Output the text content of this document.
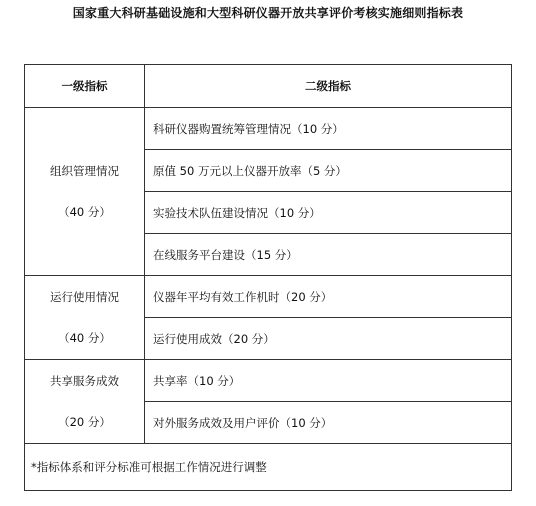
国家重大科研基础设施和大型科研仪器开放共享评价考核实施细则指标表
一级指标	二级指标

组织管理情况
（40 分）	科研仪器购置统筹管理情况（10 分）
	原值 50 万元以上仪器开放率（5 分）
	实验技术队伍建设情况（10 分）
	在线服务平台建设（15 分）

运行使用情况
（40 分）	仪器年平均有效工作机时（20 分）
	运行使用成效（20 分）

共享服务成效
（20 分）	共享率（10 分）
	对外服务成效及用户评价（10 分）
*指标体系和评分标准可根据工作情况进行调整	
